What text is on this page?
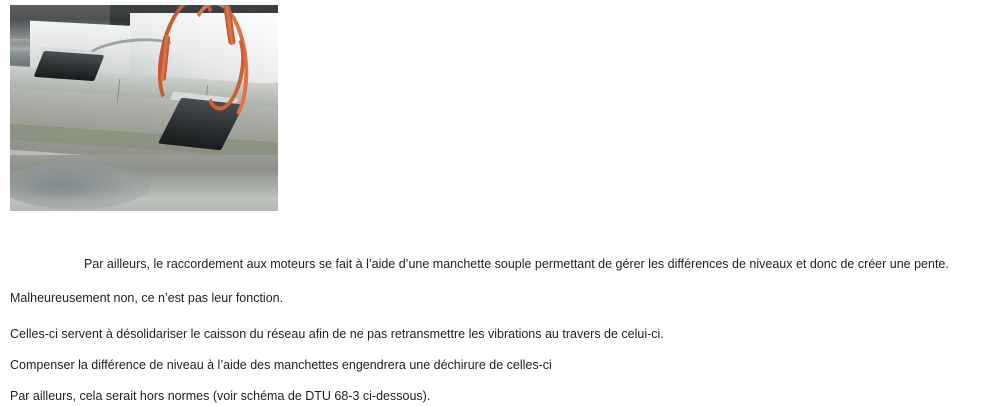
Par ailleurs, le raccordement aux moteurs se fait à l’aide d’une manchette souple permettant de gérer les différences de niveaux et donc de créer une pente.

Malheureusement non, ce n’est pas leur fonction.

Celles-ci servent à désolidariser le caisson du réseau afin de ne pas retransmettre les vibrations au travers de celui-ci.

Compenser la différence de niveau à l’aide des manchettes engendrera une déchirure de celles-ci

Par ailleurs, cela serait hors normes (voir schéma de DTU 68-3 ci-dessous).
